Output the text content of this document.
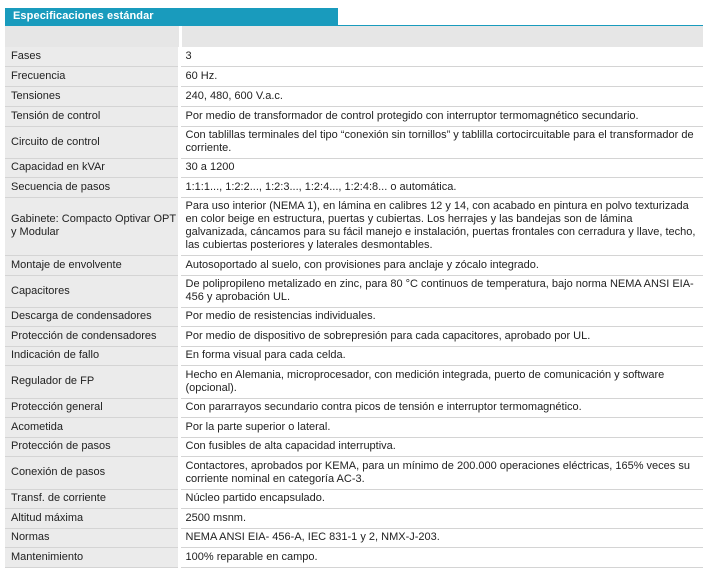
Especificaciones estándar
Fases	3
Frecuencia	60 Hz.
Tensiones	240, 480, 600 V.a.c.
Tensión de control	Por medio de transformador de control protegido con interruptor termomagnético secundario.
Circuito de control	Con tablillas terminales del tipo “conexión sin tornillos” y tablilla cortocircuitable para el transformador de corriente.
Capacidad en kVAr	30 a 1200
Secuencia de pasos	1:1:1..., 1:2:2..., 1:2:3..., 1:2:4..., 1:2:4:8... o automática.
Gabinete: Compacto Optivar OPT y Modular	Para uso interior (NEMA 1), en lámina en calibres 12 y 14, con acabado en pintura en polvo texturizada en color beige en estructura, puertas y cubiertas. Los herrajes y las bandejas son de lámina galvanizada, cáncamos para su fácil manejo e instalación, puertas frontales con cerradura y llave, techo, las cubiertas posteriores y laterales desmontables.
Montaje de envolvente	Autosoportado al suelo, con provisiones para anclaje y zócalo integrado.
Capacitores	De polipropileno metalizado en zinc, para 80 °C continuos de temperatura, bajo norma NEMA ANSI EIA-456 y aprobación UL.
Descarga de condensadores	Por medio de resistencias individuales.
Protección de condensadores	Por medio de dispositivo de sobrepresión para cada capacitores, aprobado por UL.
Indicación de fallo	En forma visual para cada celda.
Regulador de FP	Hecho en Alemania, microprocesador, con medición integrada, puerto de comunicación y software (opcional).
Protección general	Con pararrayos secundario contra picos de tensión e interruptor termomagnético.
Acometida	Por la parte superior o lateral.
Protección de pasos	Con fusibles de alta capacidad interruptiva.
Conexión de pasos	Contactores, aprobados por KEMA, para un mínimo de 200.000 operaciones eléctricas, 165% veces su corriente nominal en categoría AC-3.
Transf. de corriente	Núcleo partido encapsulado.
Altitud máxima	2500 msnm.
Normas	NEMA ANSI EIA- 456-A, IEC 831-1 y 2, NMX-J-203.
Mantenimiento	100% reparable en campo.
